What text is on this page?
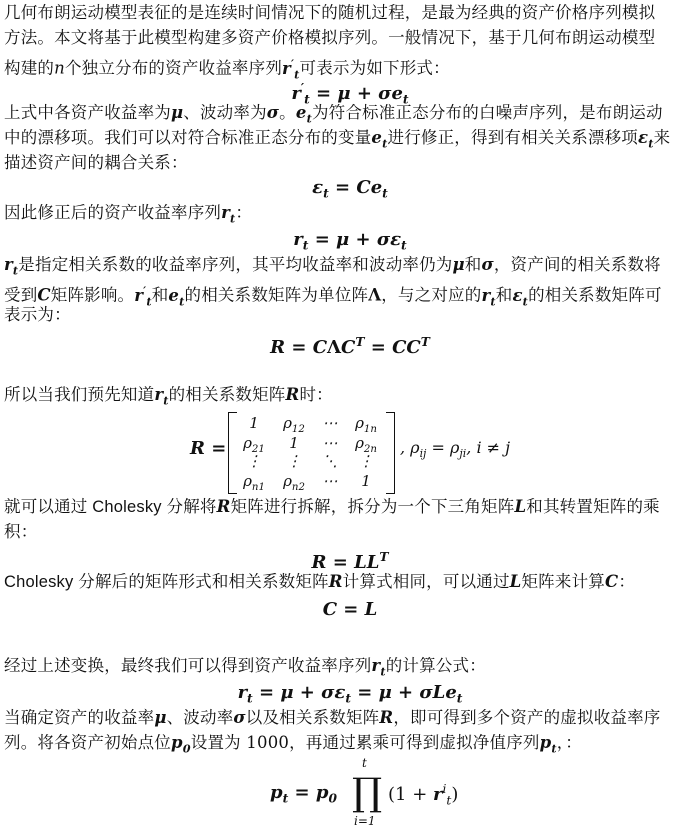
几何布朗运动模型表征的是连续时间情况下的随机过程，是最为经典的资产价格序列模拟
方法。本文将基于此模型构建多资产价格模拟序列。一般情况下，基于几何布朗运动模型
构建的n个独立分布的资产收益率序列$r'_t$可表示为如下形式：
$r'_t = \mu + \sigma e_t$
上式中各资产收益率为μ、波动率为σ。$e_t$为符合标准正态分布的白噪声序列，是布朗运动
中的漂移项。我们可以对符合标准正态分布的变量$e_t$进行修正，得到有相关关系漂移项$\varepsilon_t$来
描述资产间的耦合关系：
$\varepsilon_t = Ce_t$
因此修正后的资产收益率序列$r_t$：
$r_t = \mu + \sigma\varepsilon_t$
$r_t$是指定相关系数的收益率序列，其平均收益率和波动率仍为μ和σ，资产间的相关系数将
受到C矩阵影响。$r'_t$和$e_t$的相关系数矩阵为单位阵Λ，与之对应的$r_t$和$\varepsilon_t$的相关系数矩阵可
表示为：
$R = C\Lambda C^T = CC^T$
所以当我们预先知道$r_t$的相关系数矩阵R时：
R =
1	$\rho_{12}$	⋯	$\rho_{1n}$
$\rho_{21}$	1	⋯	$\rho_{2n}$
⋮	⋮	⋱	⋮
$\rho_{n1}$	$\rho_{n2}$	⋯	1
, $\rho_{ij} = \rho_{ji}$, i ≠ j
就可以通过 Cholesky 分解将R矩阵进行拆解，拆分为一个下三角矩阵L和其转置矩阵的乘
积：
$R = LL^T$
Cholesky 分解后的矩阵形式和相关系数矩阵R计算式相同，可以通过L矩阵来计算C：
C = L
经过上述变换，最终我们可以得到资产收益率序列$r_t$的计算公式：
$r_t = \mu + \sigma\varepsilon_t = \mu + \sigma Le_t$
当确定资产的收益率μ、波动率σ以及相关系数矩阵R，即可得到多个资产的虚拟收益率序
列。将各资产初始点位$p_0$设置为 1000，再通过累乘可得到虚拟净值序列$p_t$，：
$p_t = p_0$
t
∏
i=1
$(1 + r^i_t)$
